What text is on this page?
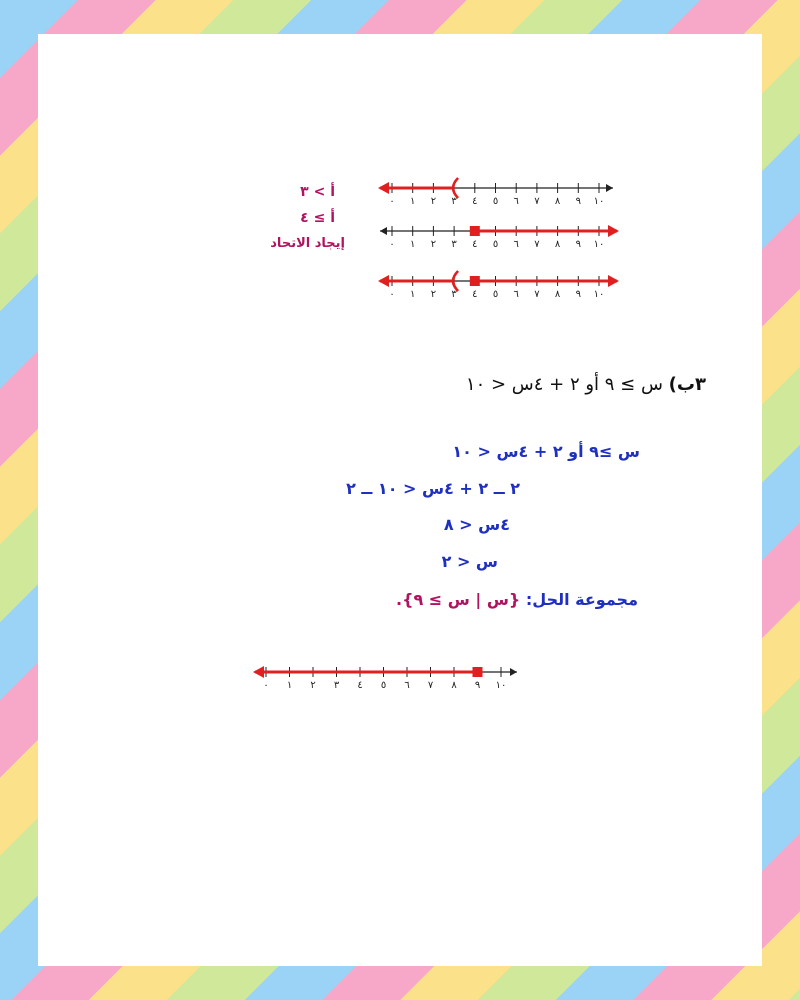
أ > ٣
أ ≥ ٤
إيجاد الاتحاد
٠ ١ ٢ ٣ ٤ ٥ ٦ ٧ ٨ ٩ ١٠
٠ ١ ٢ ٣ ٤ ٥ ٦ ٧ ٨ ٩ ١٠
٠ ١ ٢ ٣ ٤ ٥ ٦ ٧ ٨ ٩ ١٠
٠ ١ ٢ ٣ ٤ ٥ ٦ ٧ ٨ ٩ ١٠
٣ب) س ≥ ٩ أو ٢ + ٤س < ١٠
س ≥٩ أو ٢ + ٤س < ١٠
٢ ــ ٢ + ٤س < ١٠ ــ ٢
٤س < ٨
س < ٢
مجموعة الحل: {س | س ≥ ٩}.
